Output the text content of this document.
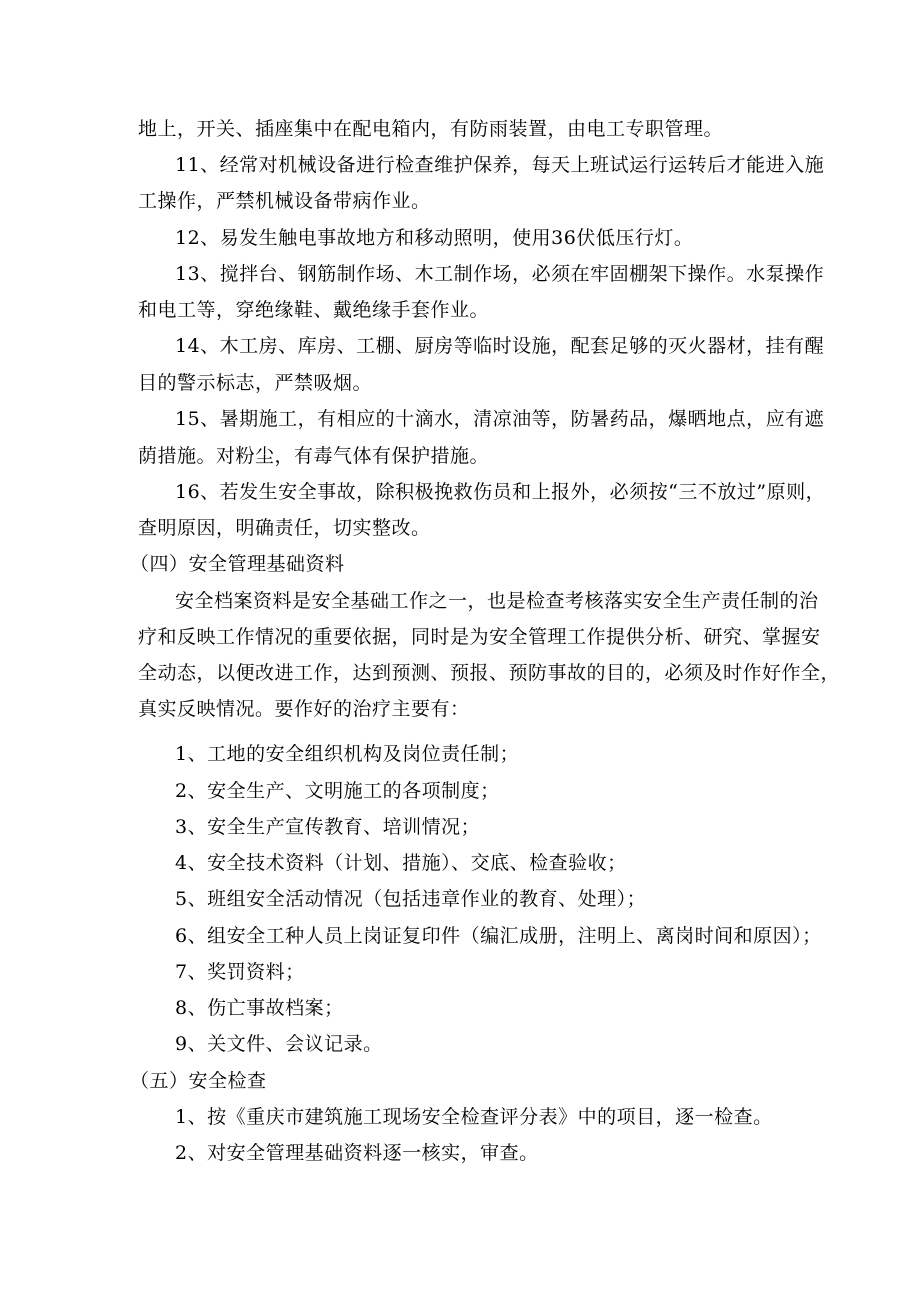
地上，开关、插座集中在配电箱内，有防雨装置，由电工专职管理。
11、经常对机械设备进行检查维护保养，每天上班试运行运转后才能进入施
工操作，严禁机械设备带病作业。
12、易发生触电事故地方和移动照明，使用36伏低压行灯。
13、搅拌台、钢筋制作场、木工制作场，必须在牢固棚架下操作。水泵操作
和电工等，穿绝缘鞋、戴绝缘手套作业。
14、木工房、库房、工棚、厨房等临时设施，配套足够的灭火器材，挂有醒
目的警示标志，严禁吸烟。
15、暑期施工，有相应的十滴水，清凉油等，防暑药品，爆晒地点，应有遮
荫措施。对粉尘，有毒气体有保护措施。
16、若发生安全事故，除积极挽救伤员和上报外，必须按“三不放过”原则，
查明原因，明确责任，切实整改。
（四）安全管理基础资料
安全档案资料是安全基础工作之一，也是检查考核落实安全生产责任制的治
疗和反映工作情况的重要依据，同时是为安全管理工作提供分析、研究、掌握安
全动态，以便改进工作，达到预测、预报、预防事故的目的，必须及时作好作全，
真实反映情况。要作好的治疗主要有：
1、工地的安全组织机构及岗位责任制；
2、安全生产、文明施工的各项制度；
3、安全生产宣传教育、培训情况；
4、安全技术资料（计划、措施）、交底、检查验收；
5、班组安全活动情况（包括违章作业的教育、处理）；
6、组安全工种人员上岗证复印件（编汇成册，注明上、离岗时间和原因）；
7、奖罚资料；
8、伤亡事故档案；
9、关文件、会议记录。
（五）安全检查
1、按《重庆市建筑施工现场安全检查评分表》中的项目，逐一检查。
2、对安全管理基础资料逐一核实，审查。
